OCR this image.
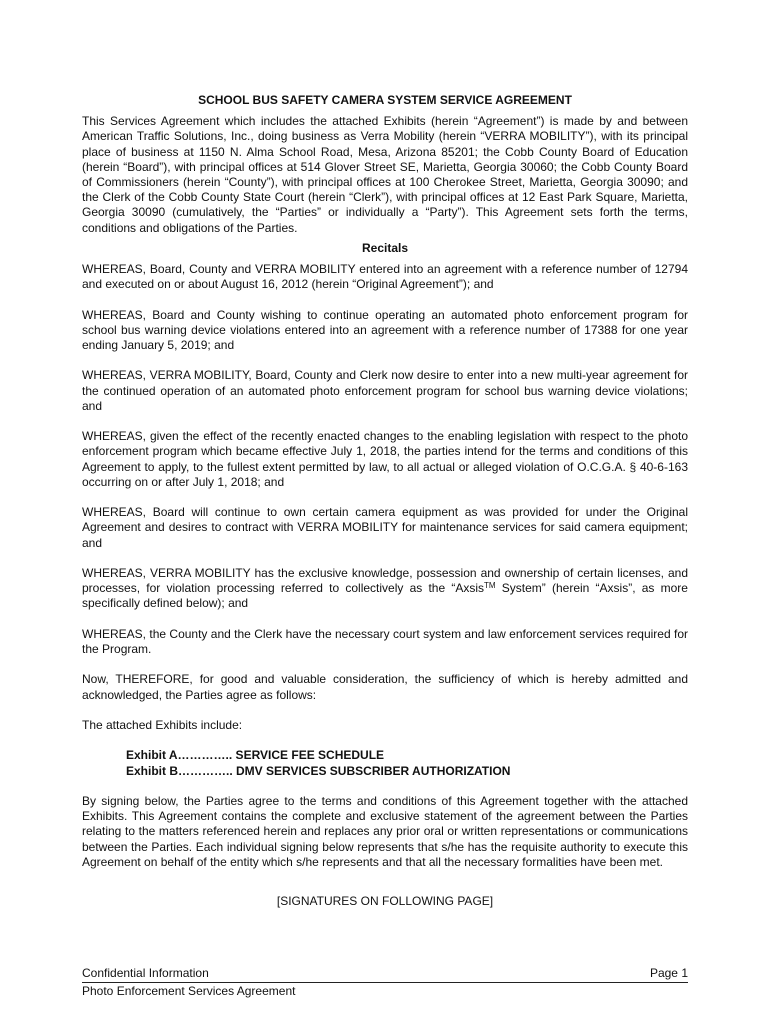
SCHOOL BUS SAFETY CAMERA SYSTEM SERVICE AGREEMENT

This Services Agreement which includes the attached Exhibits (herein “Agreement”) is made by and between American Traffic Solutions, Inc., doing business as Verra Mobility (herein “VERRA MOBILITY”), with its principal place of business at 1150 N. Alma School Road, Mesa, Arizona 85201; the Cobb County Board of Education (herein “Board”), with principal offices at 514 Glover Street SE, Marietta, Georgia 30060; the Cobb County Board of Commissioners (herein “County”), with principal offices at 100 Cherokee Street, Marietta, Georgia 30090; and the Clerk of the Cobb County State Court (herein “Clerk”), with principal offices at 12 East Park Square, Marietta, Georgia 30090 (cumulatively, the “Parties” or individually a “Party”). This Agreement sets forth the terms, conditions and obligations of the Parties.

Recitals

WHEREAS, Board, County and VERRA MOBILITY entered into an agreement with a reference number of 12794 and executed on or about August 16, 2012 (herein “Original Agreement”); and

WHEREAS, Board and County wishing to continue operating an automated photo enforcement program for school bus warning device violations entered into an agreement with a reference number of 17388 for one year ending January 5, 2019; and

WHEREAS, VERRA MOBILITY, Board, County and Clerk now desire to enter into a new multi-year agreement for the continued operation of an automated photo enforcement program for school bus warning device violations; and

WHEREAS, given the effect of the recently enacted changes to the enabling legislation with respect to the photo enforcement program which became effective July 1, 2018, the parties intend for the terms and conditions of this Agreement to apply, to the fullest extent permitted by law, to all actual or alleged violation of O.C.G.A. § 40-6-163 occurring on or after July 1, 2018; and

WHEREAS, Board will continue to own certain camera equipment as was provided for under the Original Agreement and desires to contract with VERRA MOBILITY for maintenance services for said camera equipment; and

WHEREAS, VERRA MOBILITY has the exclusive knowledge, possession and ownership of certain licenses, and processes, for violation processing referred to collectively as the “Axsis™ System” (herein “Axsis”, as more specifically defined below); and

WHEREAS, the County and the Clerk have the necessary court system and law enforcement services required for the Program.

Now, THEREFORE, for good and valuable consideration, the sufficiency of which is hereby admitted and acknowledged, the Parties agree as follows:

The attached Exhibits include:

Exhibit A………….. SERVICE FEE SCHEDULE
Exhibit B………….. DMV SERVICES SUBSCRIBER AUTHORIZATION

By signing below, the Parties agree to the terms and conditions of this Agreement together with the attached Exhibits. This Agreement contains the complete and exclusive statement of the agreement between the Parties relating to the matters referenced herein and replaces any prior oral or written representations or communications between the Parties. Each individual signing below represents that s/he has the requisite authority to execute this Agreement on behalf of the entity which s/he represents and that all the necessary formalities have been met.

[SIGNATURES ON FOLLOWING PAGE]
Confidential Information	Page 1
Photo Enforcement Services Agreement
